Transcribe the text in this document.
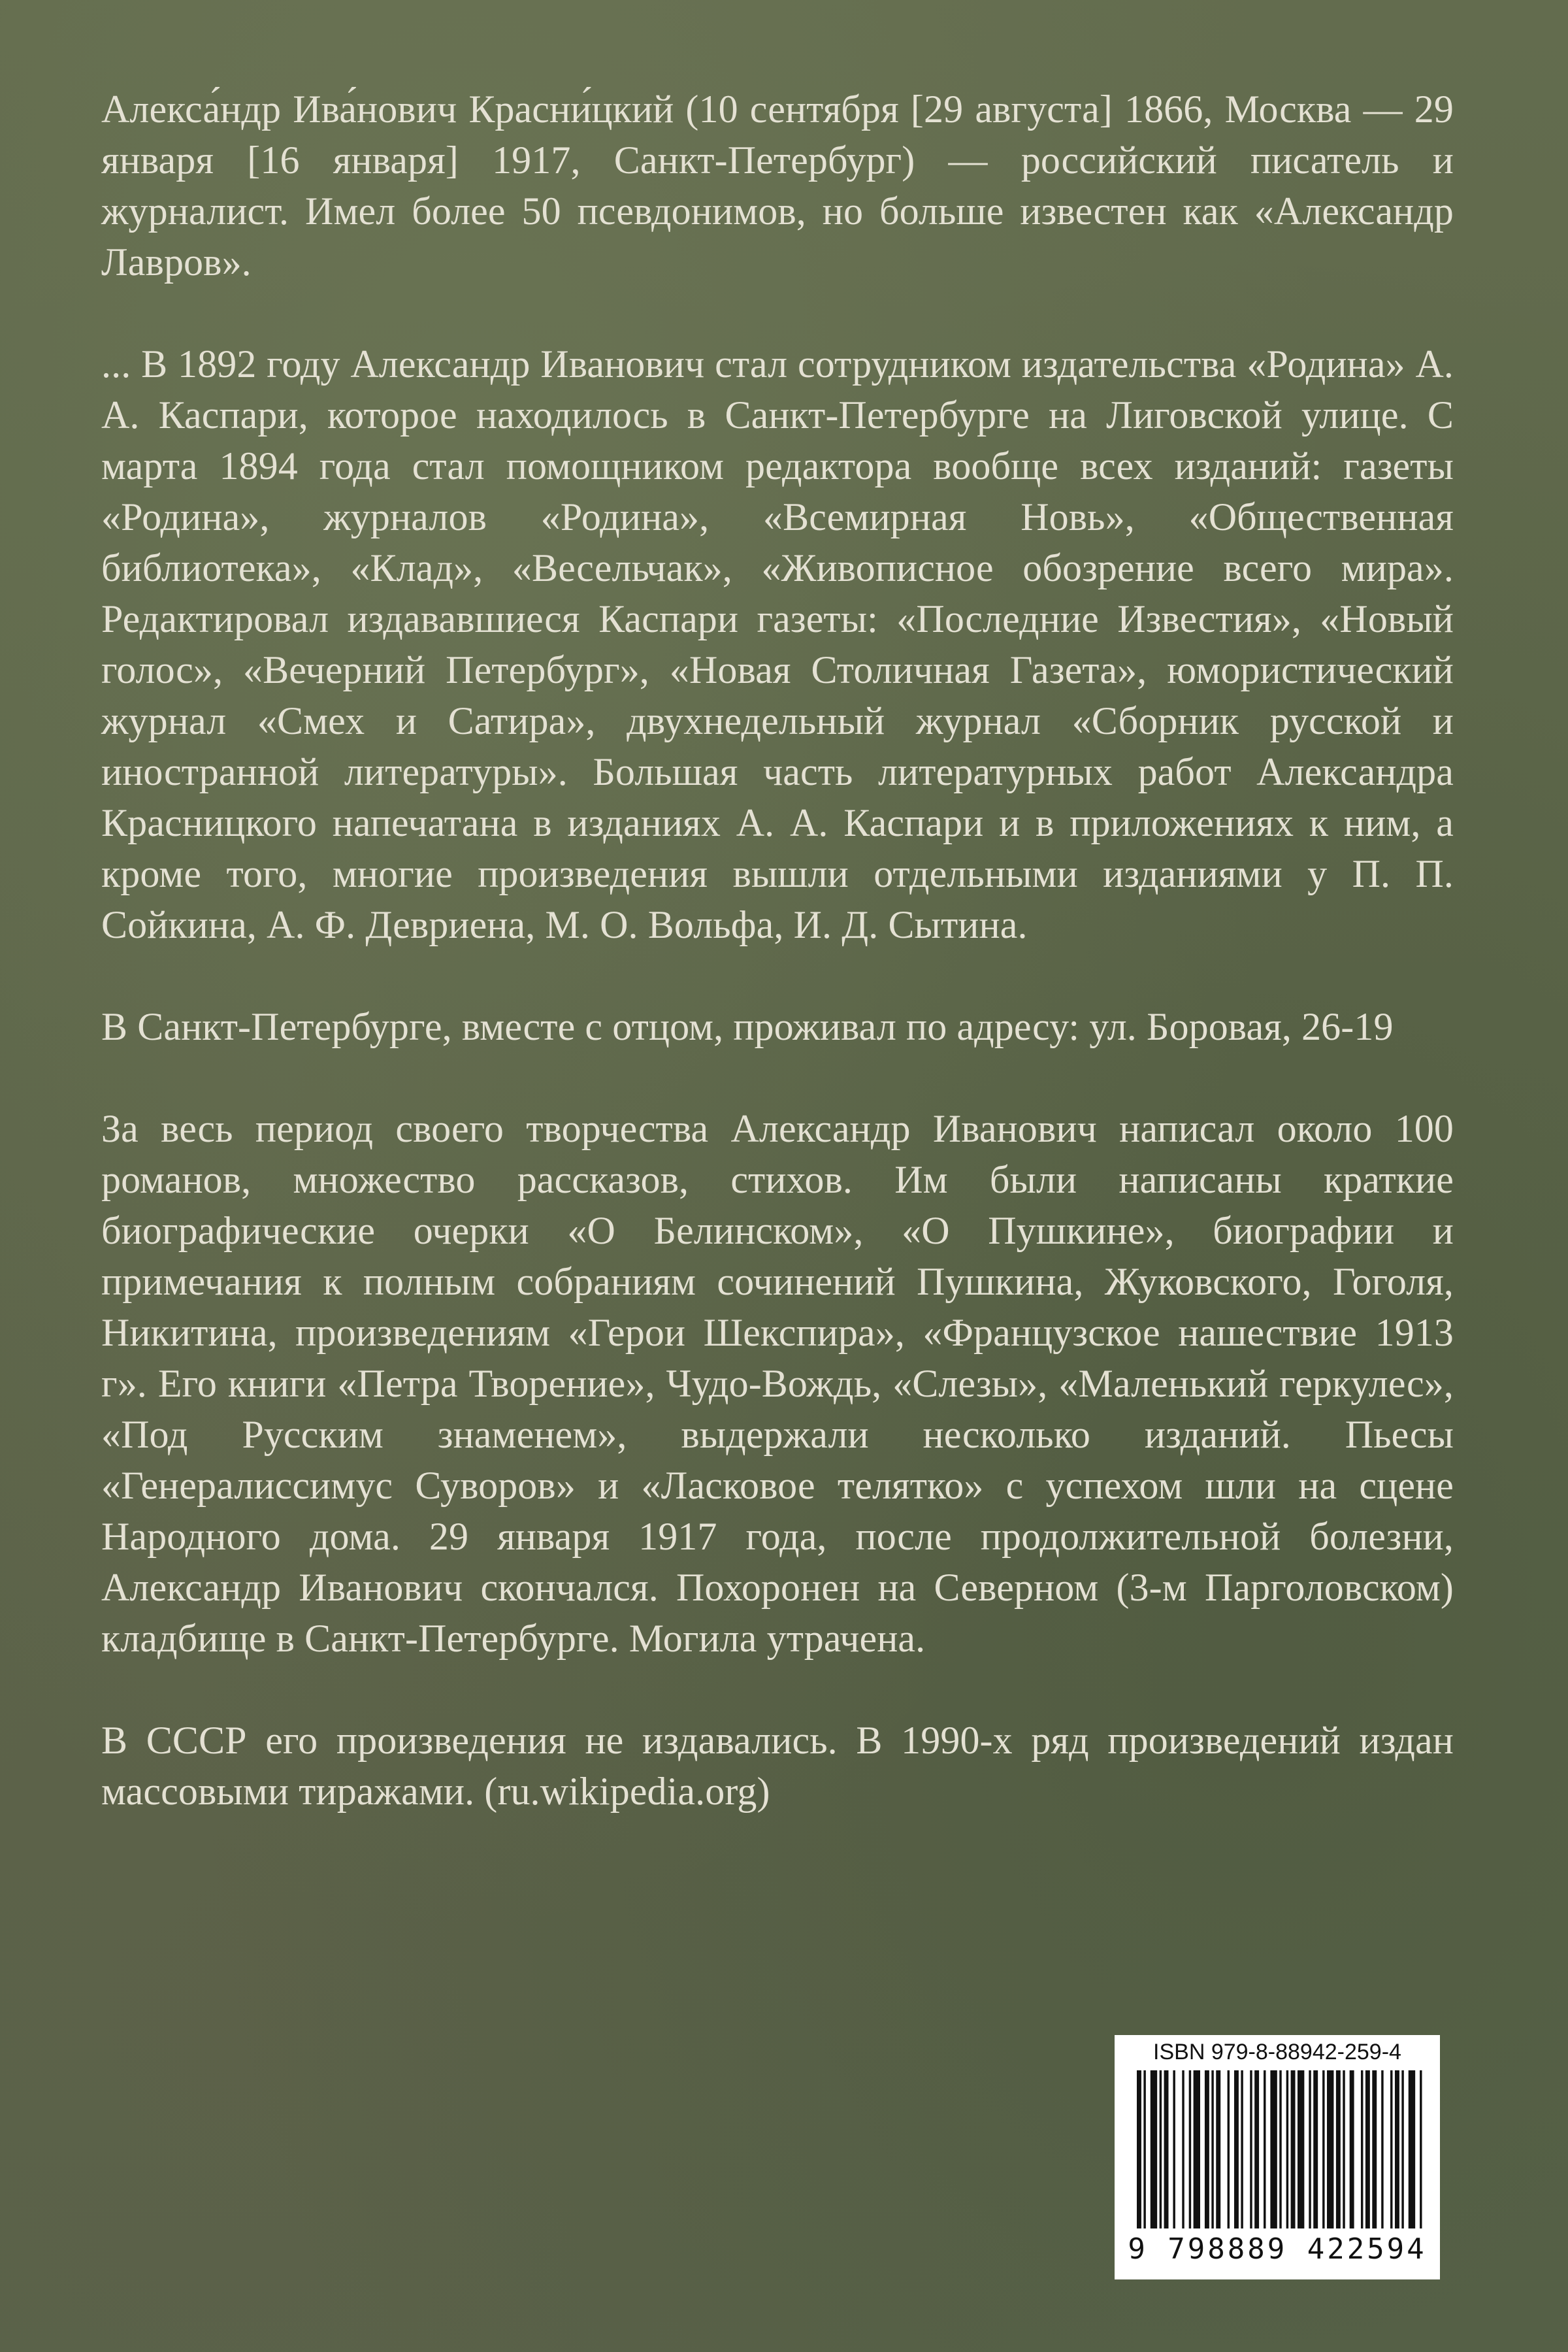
Алекса́ндр Ива́нович Красни́цкий (10 сентября [29 августа] 1866, Москва — 29 января [16 января] 1917, Санкт-Петербург) — российский писатель и журналист. Имел более 50 псевдонимов, но больше известен как «Александр Лавров».

... В 1892 году Александр Иванович стал сотрудником издательства «Родина» А. А. Каспари, которое находилось в Санкт-Петербурге на Лиговской улице. С марта 1894 года стал помощником редактора вообще всех изданий: газеты «Родина», журналов «Родина», «Всемирная Новь», «Общественная библиотека», «Клад», «Весельчак», «Живописное обозрение всего мира». Редактировал издававшиеся Каспари газеты: «Последние Известия», «Новый голос», «Вечерний Петербург», «Новая Столичная Газета», юмористический журнал «Смех и Сатира», двухнедельный журнал «Сборник русской и иностранной литературы». Большая часть литературных работ Александра Красницкого напечатана в изданиях А. А. Каспари и в приложениях к ним, а кроме того, многие произведения вышли отдельными изданиями у П. П. Сойкина, А. Ф. Девриена, М. О. Вольфа, И. Д. Сытина.

В Санкт-Петербурге, вместе с отцом, проживал по адресу: ул. Боровая, 26-19

За весь период своего творчества Александр Иванович написал около 100 романов, множество рассказов, стихов. Им были написаны краткие биографические очерки «О Белинском», «О Пушкине», биографии и примечания к полным собраниям сочинений Пушкина, Жуковского, Гоголя, Никитина, произведениям «Герои Шекспира», «Французское нашествие 1913 г». Его книги «Петра Творение», Чудо-Вождь, «Слезы», «Маленький геркулес», «Под Русским знаменем», выдержали несколько изданий. Пьесы «Генералиссимус Суворов» и «Ласковое телятко» с успехом шли на сцене Народного дома. 29 января 1917 года, после продолжительной болезни, Александр Иванович скончался. Похоронен на Северном (3-м Парголовском) кладбище в Санкт-Петербурге. Могила утрачена.

В СССР его произведения не издавались. В 1990-х ряд произведений издан массовыми тиражами. (ru.wikipedia.org)

ISBN 979-8-88942-259-4
9 798889 422594
